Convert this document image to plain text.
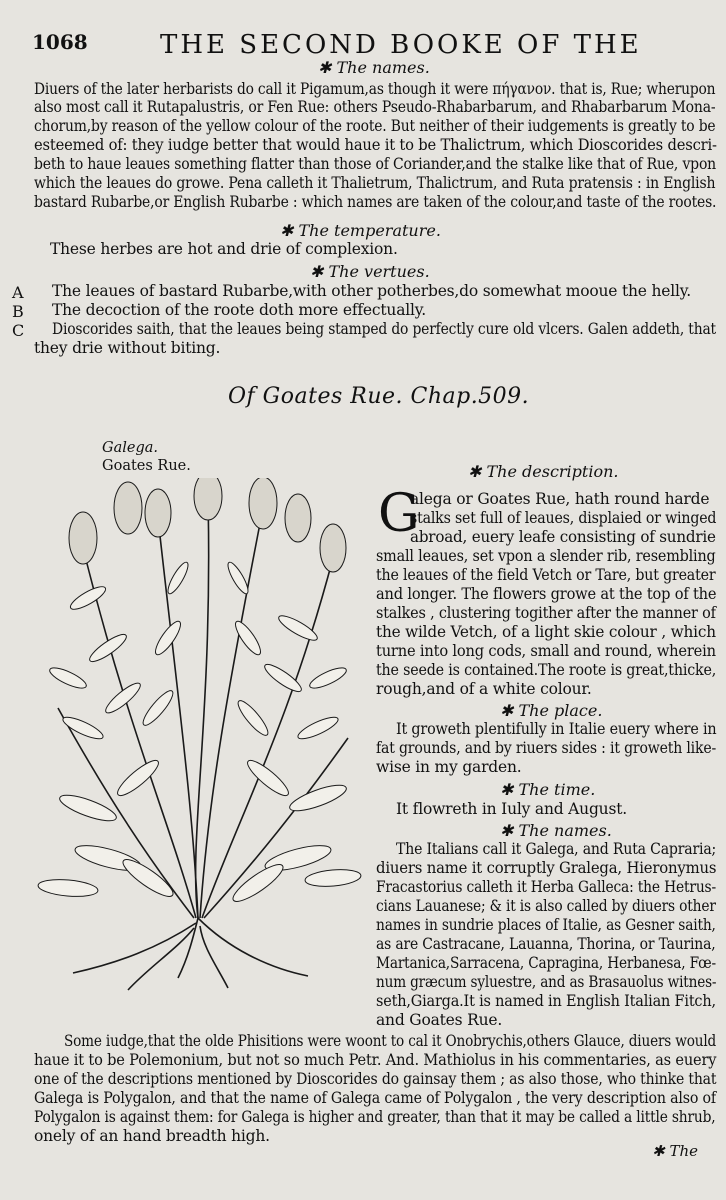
1068	THE SECOND BOOKE OF THE
✱ The names.
Diuers of the later herbarists do call it Pigamum,as though it were πήγανον. that is, Rue; wherupon
also most call it Rutapalustris, or Fen Rue: others Pseudo-Rhabarbarum, and Rhabarbarum Mona-
chorum,by reason of the yellow colour of the roote. But neither of their iudgements is greatly to be
esteemed of: they iudge better that would haue it to be Thalictrum, which Dioscorides descri-
beth to haue leaues something flatter than those of Coriander,and the stalke like that of Rue, vpon
which the leaues do growe. Pena calleth it Thalietrum, Thalictrum, and Ruta pratensis : in English
bastard Rubarbe,or English Rubarbe : which names are taken of the colour,and taste of the rootes.
✱ The temperature.
These herbes are hot and drie of complexion.
✱ The vertues.
A The leaues of bastard Rubarbe,with other potherbes,do somewhat mooue the helly.
B The decoction of the roote doth more effectually.
C Dioscorides saith, that the leaues being stamped do perfectly cure old vlcers. Galen addeth, that
they drie without biting.
Of Goates Rue. Chap.509.
Galega.
Goates Rue.	✱ The description.
G
alega or Goates Rue, hath round harde
stalks set full of leaues, displaied or winged
abroad, euery leafe consisting of sundrie
small leaues, set vpon a slender rib, resembling
the leaues of the field Vetch or Tare, but greater
and longer. The flowers growe at the top of the
stalkes , clustering togither after the manner of
the wilde Vetch, of a light skie colour , which
turne into long cods, small and round, wherein
the seede is contained.The roote is great,thicke,
rough,and of a white colour.
✱ The place.
It groweth plentifully in Italie euery where in
fat grounds, and by riuers sides : it groweth like-
wise in my garden.
✱ The time.
It flowreth in Iuly and August.
✱ The names.
The Italians call it Galega, and Ruta Capraria;
diuers name it corruptly Gralega, Hieronymus
Fracastorius calleth it Herba Galleca: the Hetrus-
cians Lauanese; & it is also called by diuers other
names in sundrie places of Italie, as Gesner saith,
as are Castracane, Lauanna, Thorina, or Taurina,
Martanica,Sarracena, Capragina, Herbanesa, Fœ-
num græcum syluestre, and as Brasauolus witnes-
seth,Giarga.It is named in English Italian Fitch,
and Goates Rue.
Some iudge,that the olde Phisitions were woont to cal it Onobrychis,others Glauce, diuers would
haue it to be Polemonium, but not so much Petr. And. Mathiolus in his commentaries, as euery
one of the descriptions mentioned by Dioscorides do gainsay them ; as also those, who thinke that
Galega is Polygalon, and that the name of Galega came of Polygalon , the very description also of
Polygalon is against them: for Galega is higher and greater, than that it may be called a little shrub,
onely of an hand breadth high.
✱ The
